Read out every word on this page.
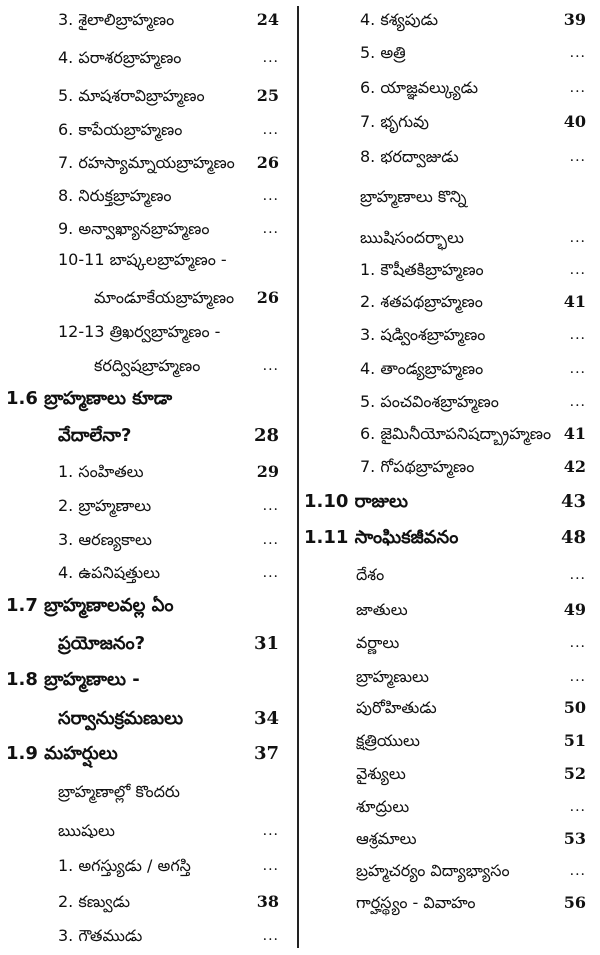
3. శైలాలిబ్రాహ్మణం	24
4. పరాశరబ్రాహ్మణం	...
5. మాషశరావిబ్రాహ్మణం	25
6. కాపేయబ్రాహ్మణం	...
7. రహస్యామ్నాయబ్రాహ్మణం	26
8. నిరుక్తబ్రాహ్మణం	...
9. అన్వాఖ్యానబ్రాహ్మణం	...
10-11 బాష్కలబ్రాహ్మణం -
మాండూకేయబ్రాహ్మణం	26
12-13 త్రిఖర్వబ్రాహ్మణం -
కరద్విషబ్రాహ్మణం	...
1.6 బ్రాహ్మణాలు కూడా
వేదాలేనా?	28
1. సంహితలు	29
2. బ్రాహ్మణాలు	...
3. ఆరణ్యకాలు	...
4. ఉపనిషత్తులు	...
1.7 బ్రాహ్మణాలవల్ల ఏం
ప్రయోజనం?	31
1.8 బ్రాహ్మణాలు -
సర్వానుక్రమణులు	34
1.9 మహర్షులు	37
బ్రాహ్మణాల్లో కొందరు
ఋషులు	...
1. అగస్త్యుడు / అగస్తి	...
2. కణ్వుడు	38
3. గౌతముడు	...
4. కశ్యపుడు	39
5. అత్రి	...
6. యాజ్ఞవల్క్యుడు	...
7. భృగువు	40
8. భరద్వాజుడు	...
బ్రాహ్మణాలు కొన్ని
ఋషిసందర్భాలు	...
1. కౌషీతకిబ్రాహ్మణం	...
2. శతపథబ్రాహ్మణం	41
3. షడ్వింశబ్రాహ్మణం	...
4. తాండ్యబ్రాహ్మణం	...
5. పంచవింశబ్రాహ్మణం	...
6. జైమినీయోపనిషద్బ్రాహ్మణం 41
7. గోపథబ్రాహ్మణం	42
1.10 రాజులు	43
1.11 సాంఘికజీవనం	48
దేశం	...
జాతులు	49
వర్ణాలు	...
బ్రాహ్మణులు	...
పురోహితుడు	50
క్షత్రియులు	51
వైశ్యులు	52
శూద్రులు	...
ఆశ్రమాలు	53
బ్రహ్మచర్యం విద్యాభ్యాసం	...
గార్హస్థ్యం - వివాహం	56
